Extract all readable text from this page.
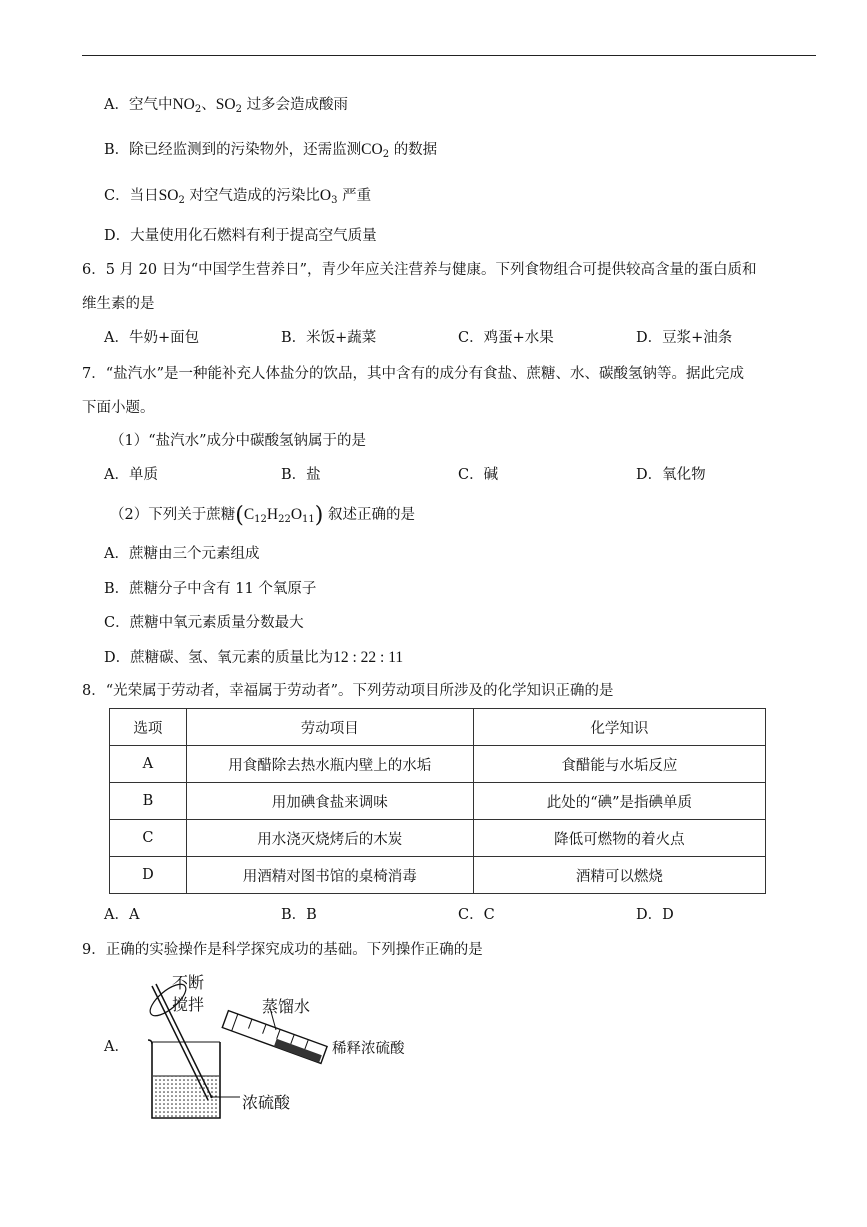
A．空气中$NO_2$、$SO_2$ 过多会造成酸雨
B．除已经监测到的污染物外，还需监测$CO_2$ 的数据
C．当日$SO_2$ 对空气造成的污染比$O_3$ 严重
D．大量使用化石燃料有利于提高空气质量
6．5 月 20 日为“中国学生营养日”，青少年应关注营养与健康。下列食物组合可提供较高含量的蛋白质和
维生素的是
A．牛奶+面包	B．米饭+蔬菜	C．鸡蛋+水果	D．豆浆+油条
7．“盐汽水”是一种能补充人体盐分的饮品，其中含有的成分有食盐、蔗糖、水、碳酸氢钠等。据此完成
下面小题。
（1）“盐汽水”成分中碳酸氢钠属于的是
A．单质	B．盐	C．碱	D．氧化物
（2）下列关于蔗糖$(C_{12}H_{22}O_{11})$ 叙述正确的是
A．蔗糖由三个元素组成
B．蔗糖分子中含有 11 个氧原子
C．蔗糖中氧元素质量分数最大
D．蔗糖碳、氢、氧元素的质量比为12 : 22 : 11
8．“光荣属于劳动者，幸福属于劳动者”。下列劳动项目所涉及的化学知识正确的是
选项	劳动项目	化学知识
A	用食醋除去热水瓶内壁上的水垢	食醋能与水垢反应
B	用加碘食盐来调味	此处的“碘”是指碘单质
C	用水浇灭烧烤后的木炭	降低可燃物的着火点
D	用酒精对图书馆的桌椅消毒	酒精可以燃烧
A．A	B．B	C．C	D．D
9．正确的实验操作是科学探究成功的基础。下列操作正确的是
A．
不断
搅拌	蒸馏水
稀释浓硫酸
浓硫酸
